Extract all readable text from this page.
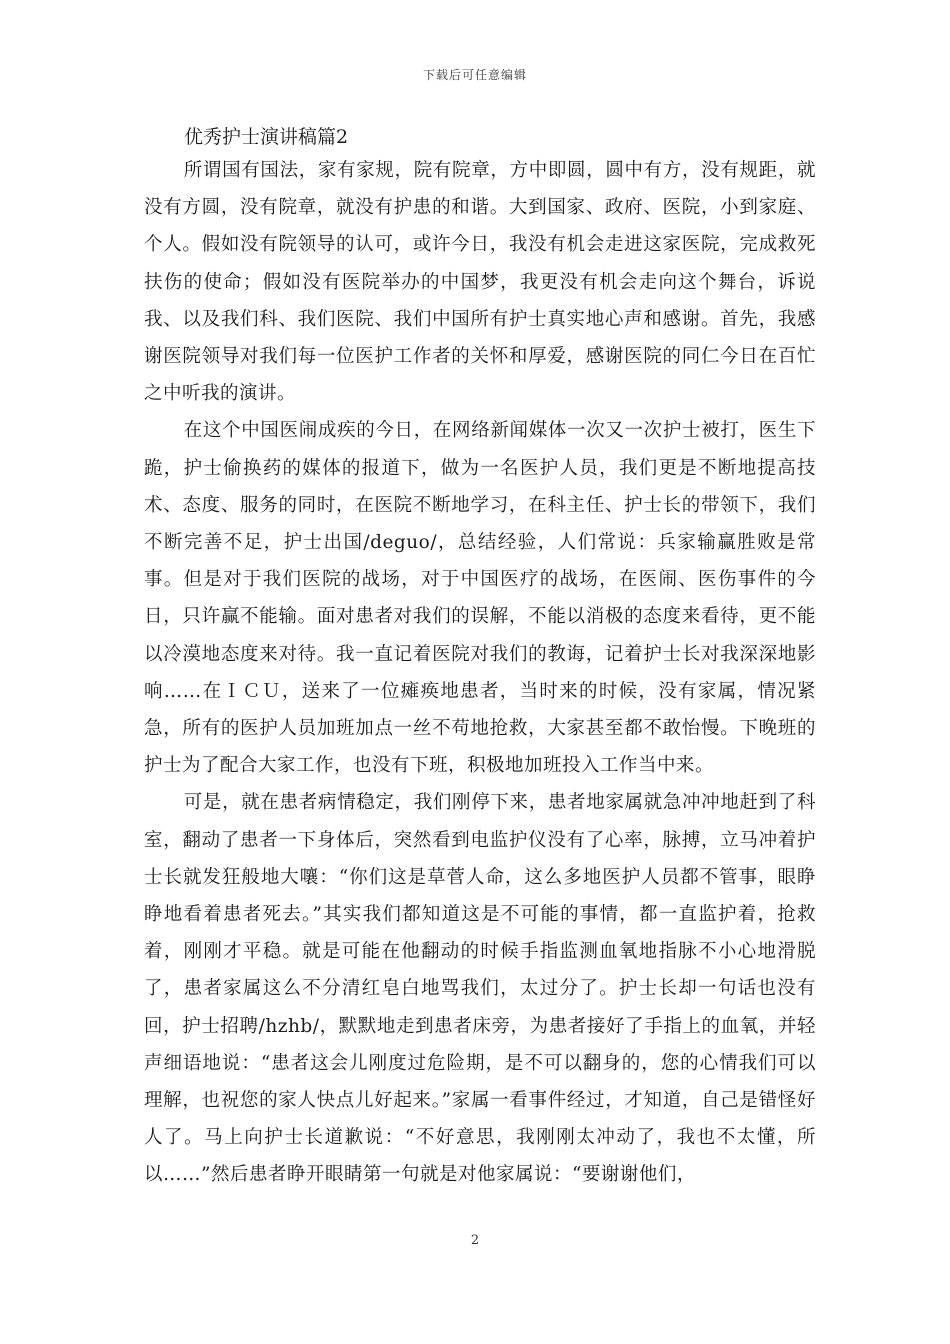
下载后可任意编辑
优秀护士演讲稿篇2

所谓国有国法，家有家规，院有院章，方中即圆，圆中有方，没有规距，就没有方圆，没有院章，就没有护患的和谐。大到国家、政府、医院，小到家庭、个人。假如没有院领导的认可，或许今日，我没有机会走进这家医院，完成救死扶伤的使命；假如没有医院举办的中国梦，我更没有机会走向这个舞台，诉说我、以及我们科、我们医院、我们中国所有护士真实地心声和感谢。首先，我感谢医院领导对我们每一位医护工作者的关怀和厚爱，感谢医院的同仁今日在百忙之中听我的演讲。

在这个中国医闹成疾的今日，在网络新闻媒体一次又一次护士被打，医生下跪，护士偷换药的媒体的报道下，做为一名医护人员，我们更是不断地提高技术、态度、服务的同时，在医院不断地学习，在科主任、护士长的带领下，我们不断完善不足，护士出国/deguo/，总结经验，人们常说：兵家输赢胜败是常事。但是对于我们医院的战场，对于中国医疗的战场，在医闹、医伤事件的今日，只许赢不能输。面对患者对我们的误解，不能以消极的态度来看待，更不能以冷漠地态度来对待。我一直记着医院对我们的教诲，记着护士长对我深深地影响……在ＩＣＵ，送来了一位瘫痪地患者，当时来的时候，没有家属，情况紧急，所有的医护人员加班加点一丝不苟地抢救，大家甚至都不敢怡慢。下晚班的护士为了配合大家工作，也没有下班，积极地加班投入工作当中来。

可是，就在患者病情稳定，我们刚停下来，患者地家属就急冲冲地赶到了科室，翻动了患者一下身体后，突然看到电监护仪没有了心率，脉搏，立马冲着护士长就发狂般地大嚷：“你们这是草菅人命，这么多地医护人员都不管事，眼睁睁地看着患者死去。”其实我们都知道这是不可能的事情，都一直监护着，抢救着，刚刚才平稳。就是可能在他翻动的时候手指监测血氧地指脉不小心地滑脱了，患者家属这么不分清红皂白地骂我们，太过分了。护士长却一句话也没有回，护士招聘/hzhb/，默默地走到患者床旁，为患者接好了手指上的血氧，并轻声细语地说：“患者这会儿刚度过危险期，是不可以翻身的，您的心情我们可以理解，也祝您的家人快点儿好起来。”家属一看事件经过，才知道，自己是错怪好人了。马上向护士长道歉说：“不好意思，我刚刚太冲动了，我也不太懂，所以……”然后患者睁开眼睛第一句就是对他家属说：“要谢谢他们，

2
